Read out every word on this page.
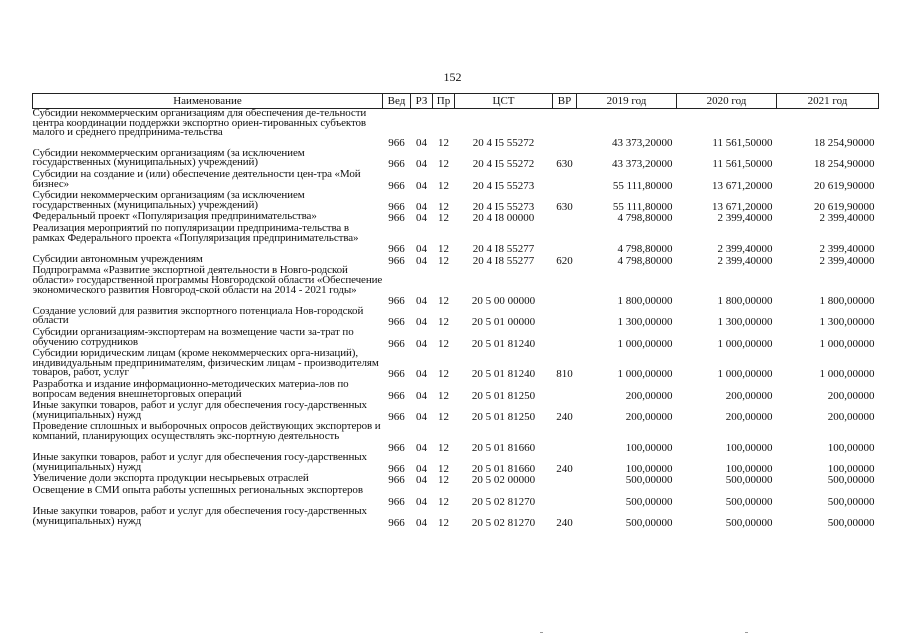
152
Наименование	Вед	РЗ	Пр	ЦСТ	ВР	2019 год	2020 год	2021 год
Субсидии некоммерческим организациям для обеспечения де-тельности центра координации поддержки экспортно ориен-тированных субъектов малого и среднего предпринима-тельства	966	04	12	20 4 I5 55272		43 373,20000	11 561,50000	18 254,90000
Субсидии некоммерческим организациям (за исключением государственных (муниципальных) учреждений)	966	04	12	20 4 I5 55272	630	43 373,20000	11 561,50000	18 254,90000
Субсидии на создание и (или) обеспечение деятельности цен-тра «Мой бизнес»	966	04	12	20 4 I5 55273		55 111,80000	13 671,20000	20 619,90000
Субсидии некоммерческим организациям (за исключением государственных (муниципальных) учреждений)	966	04	12	20 4 I5 55273	630	55 111,80000	13 671,20000	20 619,90000
Федеральный проект «Популяризация предпринимательства»	966	04	12	20 4 I8 00000		4 798,80000	2 399,40000	2 399,40000
Реализация мероприятий по популяризации предпринима-тельства в рамках Федерального проекта «Популяризация предпринимательства»	966	04	12	20 4 I8 55277		4 798,80000	2 399,40000	2 399,40000
Субсидии автономным учреждениям	966	04	12	20 4 I8 55277	620	4 798,80000	2 399,40000	2 399,40000
Подпрограмма «Развитие экспортной деятельности в Новго-родской области» государственной программы Новгородской области «Обеспечение экономического развития Новгород-ской области на 2014 - 2021 годы»	966	04	12	20 5 00 00000		1 800,00000	1 800,00000	1 800,00000
Создание условий для развития экспортного потенциала Нов-городской области	966	04	12	20 5 01 00000		1 300,00000	1 300,00000	1 300,00000
Субсидии организациям-экспортерам на возмещение части за-трат по обучению сотрудников	966	04	12	20 5 01 81240		1 000,00000	1 000,00000	1 000,00000
Субсидии юридическим лицам (кроме некоммерческих орга-низаций), индивидуальным предпринимателям, физическим лицам - производителям товаров, работ, услуг	966	04	12	20 5 01 81240	810	1 000,00000	1 000,00000	1 000,00000
Разработка и издание информационно-методических материа-лов по вопросам ведения внешнеторговых операций	966	04	12	20 5 01 81250		200,00000	200,00000	200,00000
Иные закупки товаров, работ и услуг для обеспечения госу-дарственных (муниципальных) нужд	966	04	12	20 5 01 81250	240	200,00000	200,00000	200,00000
Проведение сплошных и выборочных опросов действующих экспортеров и компаний, планирующих осуществлять экс-портную деятельность	966	04	12	20 5 01 81660		100,00000	100,00000	100,00000
Иные закупки товаров, работ и услуг для обеспечения госу-дарственных (муниципальных) нужд	966	04	12	20 5 01 81660	240	100,00000	100,00000	100,00000
Увеличение доли экспорта продукции несырьевых отраслей	966	04	12	20 5 02 00000		500,00000	500,00000	500,00000
Освещение в СМИ опыта работы успешных региональных экспортеров	966	04	12	20 5 02 81270		500,00000	500,00000	500,00000
Иные закупки товаров, работ и услуг для обеспечения госу-дарственных (муниципальных) нужд	966	04	12	20 5 02 81270	240	500,00000	500,00000	500,00000
